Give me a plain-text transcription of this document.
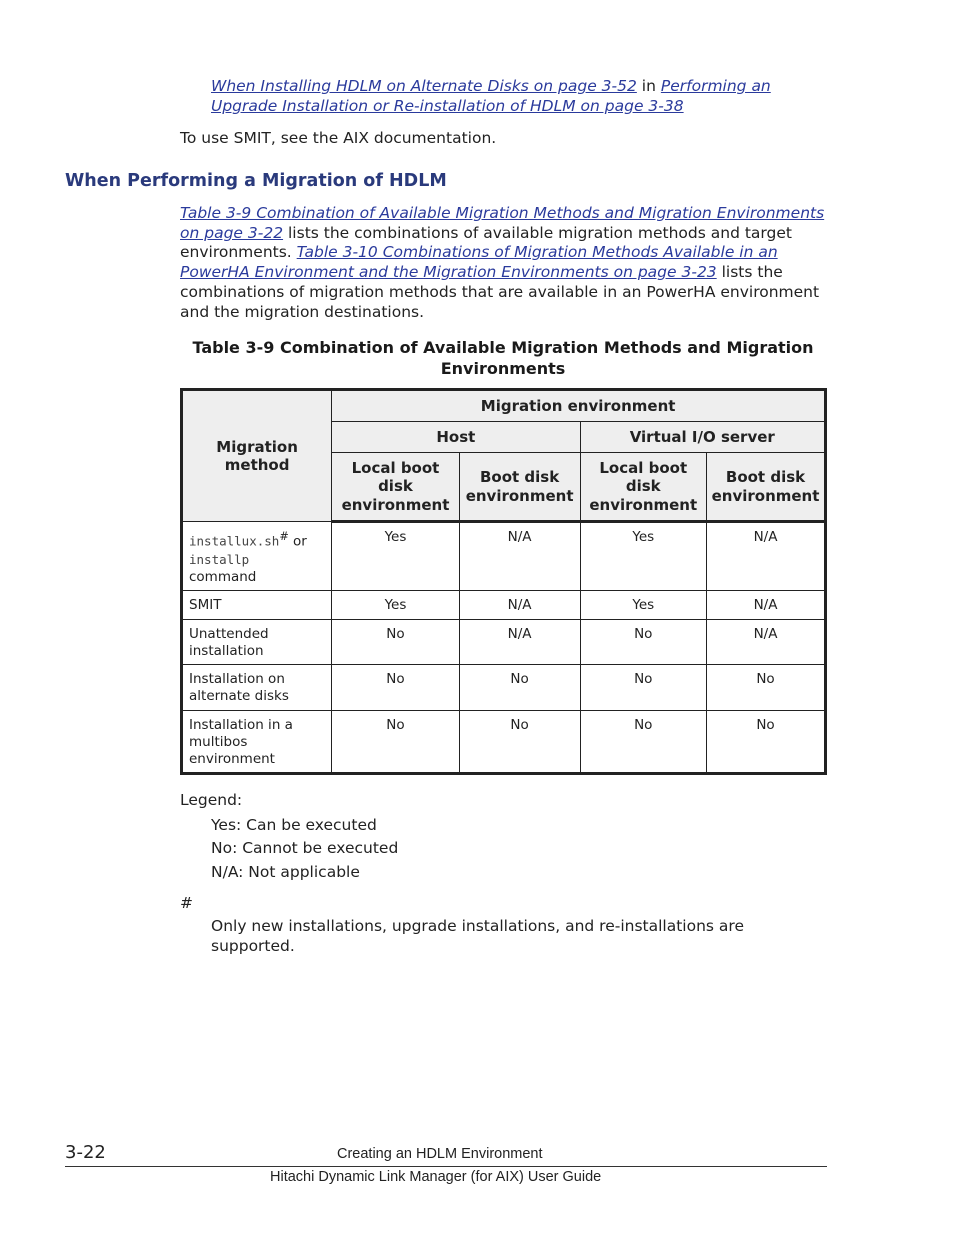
When Installing HDLM on Alternate Disks on page 3-52 in Performing an Upgrade Installation or Re-installation of HDLM on page 3-38
To use SMIT, see the AIX documentation.
When Performing a Migration of HDLM

Table 3-9 Combination of Available Migration Methods and Migration Environments on page 3-22 lists the combinations of available migration methods and target environments. Table 3-10 Combinations of Migration Methods Available in an PowerHA Environment and the Migration Environments on page 3-23 lists the combinations of migration methods that are available in an PowerHA environment and the migration destinations.

Table 3-9 Combination of Available Migration Methods and Migration Environments
Migration method	Migration environment			
	Host		Virtual I/O server	
	Local boot disk environment	Boot disk environment	Local boot disk environment	Boot disk environment
installux.sh# or
installp
command	Yes	N/A	Yes	N/A
SMIT	Yes	N/A	Yes	N/A
Unattended installation	No	N/A	No	N/A
Installation on alternate disks	No	No	No	No
Installation in a multibos environment	No	No	No	No
Legend:
Yes: Can be executed
No: Cannot be executed
N/A: Not applicable
#
Only new installations, upgrade installations, and re-installations are supported.
3-22	Creating an HDLM Environment
Hitachi Dynamic Link Manager (for AIX) User Guide
